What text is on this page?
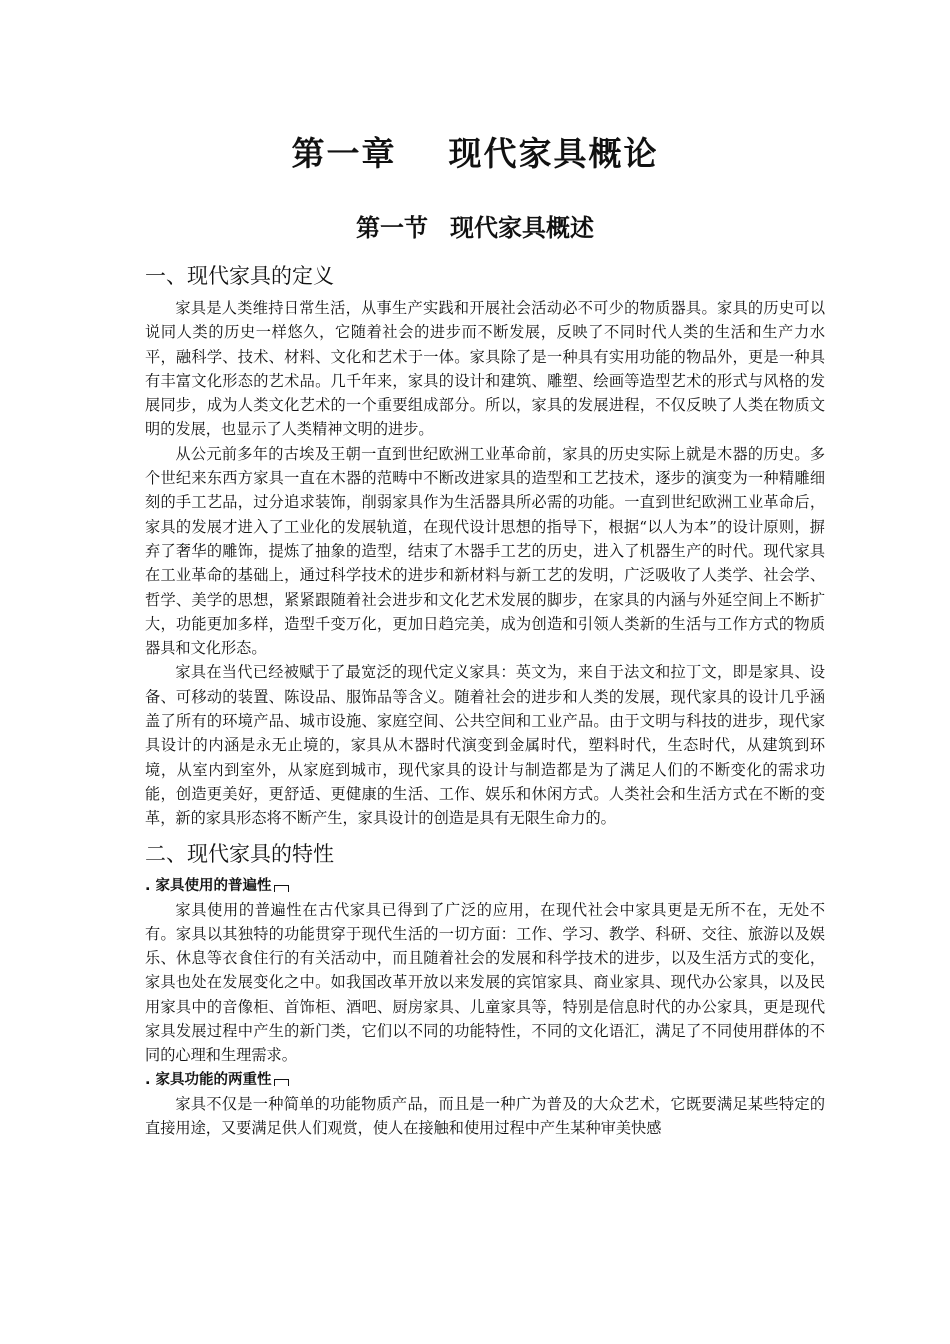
第一章 现代家具概论
第一节 现代家具概述
一、现代家具的定义

家具是人类维持日常生活，从事生产实践和开展社会活动必不可少的物质器具。家具的历史可以说同人类的历史一样悠久，它随着社会的进步而不断发展，反映了不同时代人类的生活和生产力水平，融科学、技术、材料、文化和艺术于一体。家具除了是一种具有实用功能的物品外，更是一种具有丰富文化形态的艺术品。几千年来，家具的设计和建筑、雕塑、绘画等造型艺术的形式与风格的发展同步，成为人类文化艺术的一个重要组成部分。所以，家具的发展进程，不仅反映了人类在物质文明的发展，也显示了人类精神文明的进步。

从公元前多年的古埃及王朝一直到世纪欧洲工业革命前，家具的历史实际上就是木器的历史。多个世纪来东西方家具一直在木器的范畴中不断改进家具的造型和工艺技术，逐步的演变为一种精雕细刻的手工艺品，过分追求装饰，削弱家具作为生活器具所必需的功能。一直到世纪欧洲工业革命后，家具的发展才进入了工业化的发展轨道，在现代设计思想的指导下，根据“以人为本”的设计原则，摒弃了奢华的雕饰，提炼了抽象的造型，结束了木器手工艺的历史，进入了机器生产的时代。现代家具在工业革命的基础上，通过科学技术的进步和新材料与新工艺的发明，广泛吸收了人类学、社会学、哲学、美学的思想，紧紧跟随着社会进步和文化艺术发展的脚步，在家具的内涵与外延空间上不断扩大，功能更加多样，造型千变万化，更加日趋完美，成为创造和引领人类新的生活与工作方式的物质器具和文化形态。

家具在当代已经被赋于了最宽泛的现代定义家具：英文为，来自于法文和拉丁文，即是家具、设备、可移动的装置、陈设品、服饰品等含义。随着社会的进步和人类的发展，现代家具的设计几乎涵盖了所有的环境产品、城市设施、家庭空间、公共空间和工业产品。由于文明与科技的进步，现代家具设计的内涵是永无止境的，家具从木器时代演变到金属时代，塑料时代，生态时代，从建筑到环境，从室内到室外，从家庭到城市，现代家具的设计与制造都是为了满足人们的不断变化的需求功能，创造更美好，更舒适、更健康的生活、工作、娱乐和休闲方式。人类社会和生活方式在不断的变革，新的家具形态将不断产生，家具设计的创造是具有无限生命力的。

二、现代家具的特性
. 家具使用的普遍性

家具使用的普遍性在古代家具已得到了广泛的应用，在现代社会中家具更是无所不在，无处不有。家具以其独特的功能贯穿于现代生活的一切方面：工作、学习、教学、科研、交往、旅游以及娱乐、休息等衣食住行的有关活动中，而且随着社会的发展和科学技术的进步，以及生活方式的变化，家具也处在发展变化之中。如我国改革开放以来发展的宾馆家具、商业家具、现代办公家具，以及民用家具中的音像柜、首饰柜、酒吧、厨房家具、儿童家具等，特别是信息时代的办公家具，更是现代家具发展过程中产生的新门类，它们以不同的功能特性，不同的文化语汇，满足了不同使用群体的不同的心理和生理需求。

. 家具功能的两重性

家具不仅是一种简单的功能物质产品，而且是一种广为普及的大众艺术，它既要满足某些特定的直接用途，又要满足供人们观赏，使人在接触和使用过程中产生某种审美快感
